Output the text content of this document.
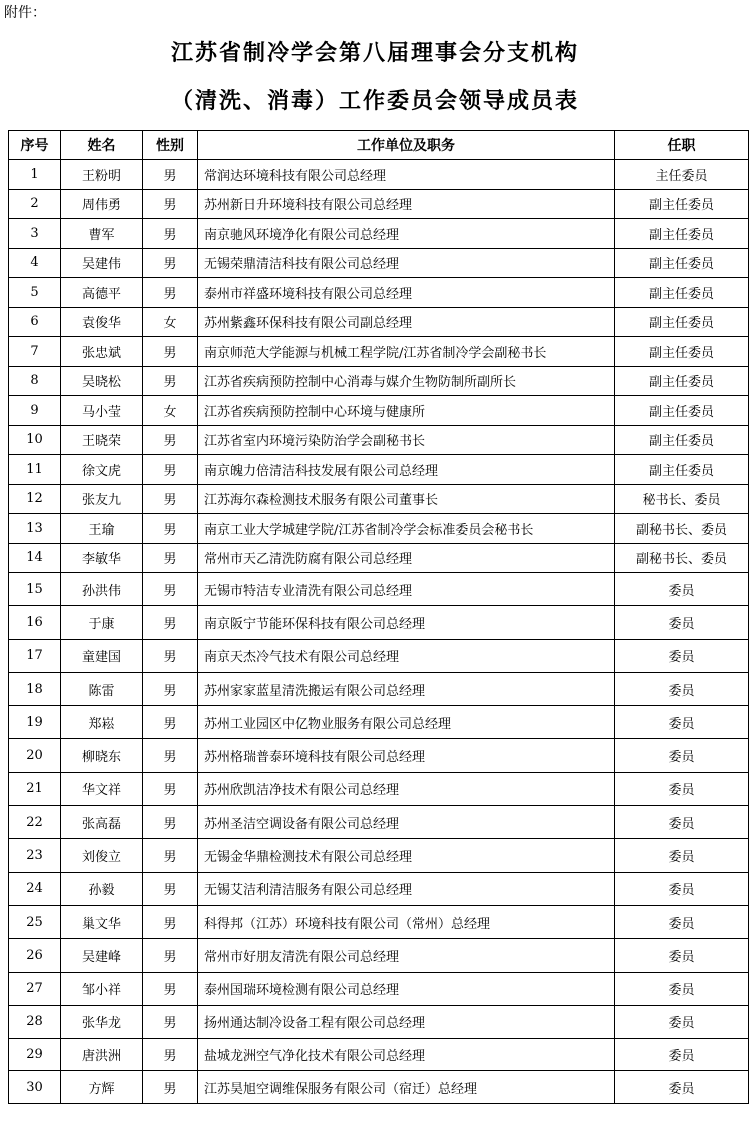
附件：
江苏省制冷学会第八届理事会分支机构
（清洗、消毒）工作委员会领导成员表
序号	姓名	性别	工作单位及职务	任职
1	王粉明	男	常润达环境科技有限公司总经理	主任委员
2	周伟勇	男	苏州新日升环境科技有限公司总经理	副主任委员
3	曹军	男	南京驰风环境净化有限公司总经理	副主任委员
4	吴建伟	男	无锡荣鼎清洁科技有限公司总经理	副主任委员
5	高德平	男	泰州市祥盛环境科技有限公司总经理	副主任委员
6	袁俊华	女	苏州紫鑫环保科技有限公司副总经理	副主任委员
7	张忠斌	男	南京师范大学能源与机械工程学院/江苏省制冷学会副秘书长	副主任委员
8	吴晓松	男	江苏省疾病预防控制中心消毒与媒介生物防制所副所长	副主任委员
9	马小莹	女	江苏省疾病预防控制中心环境与健康所	副主任委员
10	王晓荣	男	江苏省室内环境污染防治学会副秘书长	副主任委员
11	徐文虎	男	南京魄力倍清洁科技发展有限公司总经理	副主任委员
12	张友九	男	江苏海尔森检测技术服务有限公司董事长	秘书长、委员
13	王瑜	男	南京工业大学城建学院/江苏省制冷学会标准委员会秘书长	副秘书长、委员
14	李敏华	男	常州市天乙清洗防腐有限公司总经理	副秘书长、委员
15	孙洪伟	男	无锡市特洁专业清洗有限公司总经理	委员
16	于康	男	南京阪宁节能环保科技有限公司总经理	委员
17	童建国	男	南京天杰冷气技术有限公司总经理	委员
18	陈雷	男	苏州家家蓝星清洗搬运有限公司总经理	委员
19	郑崧	男	苏州工业园区中亿物业服务有限公司总经理	委员
20	柳晓东	男	苏州格瑞普泰环境科技有限公司总经理	委员
21	华文祥	男	苏州欣凯洁净技术有限公司总经理	委员
22	张高磊	男	苏州圣洁空调设备有限公司总经理	委员
23	刘俊立	男	无锡金华鼎检测技术有限公司总经理	委员
24	孙毅	男	无锡艾洁利清洁服务有限公司总经理	委员
25	巢文华	男	科得邦（江苏）环境科技有限公司（常州）总经理	委员
26	吴建峰	男	常州市好朋友清洗有限公司总经理	委员
27	邹小祥	男	泰州国瑞环境检测有限公司总经理	委员
28	张华龙	男	扬州通达制冷设备工程有限公司总经理	委员
29	唐洪洲	男	盐城龙洲空气净化技术有限公司总经理	委员
30	方辉	男	江苏昊旭空调维保服务有限公司（宿迁）总经理	委员
